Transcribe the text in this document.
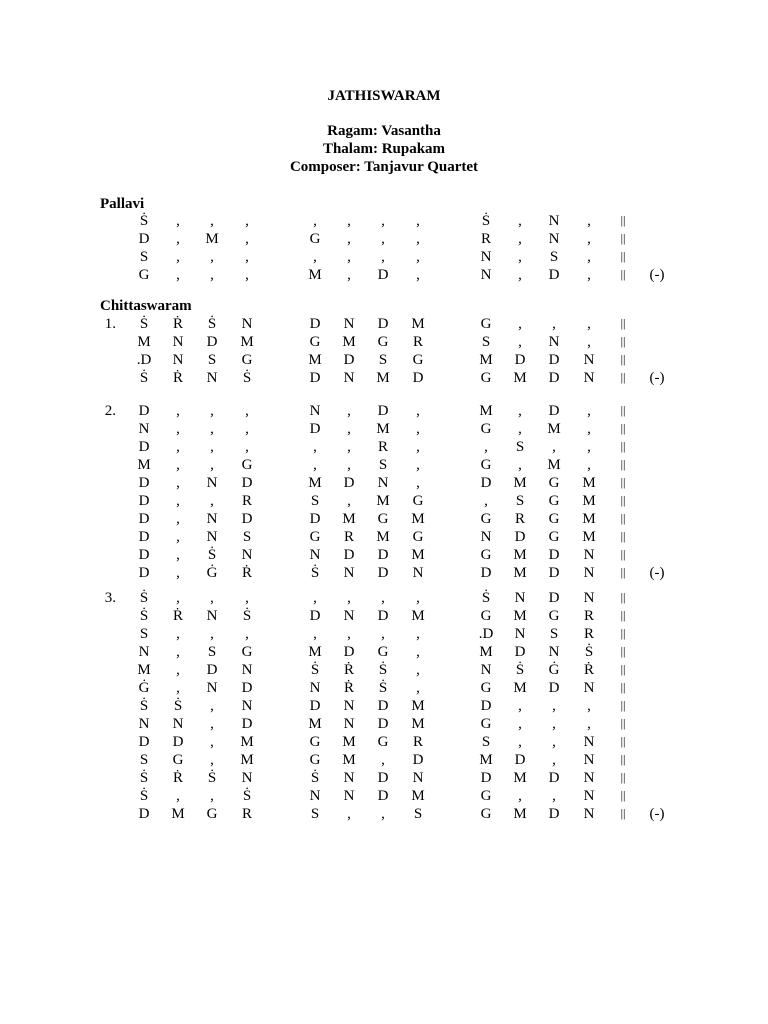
JATHISWARAM
Ragam: Vasantha
Thalam: Rupakam
Composer: Tanjavur Quartet
Pallavi
Chittaswaram
Ṡ	,	,	,	,	,	,	,	Ṡ	,	N	,	||
D	,	M	,	G	,	,	,	R	,	N	,	||
S	,	,	,	,	,	,	,	N	,	S	,	||
G	,	,	,	M	,	D	,	N	,	D	,	||	(-)
1.	Ṡ	Ṙ	Ṡ	N	D	N	D	M	G	,	,	,	||
M	N	D	M	G	M	G	R	S	,	N	,	||
.D	N	S	G	M	D	S	G	M	D	D	N	||
Ṡ	Ṙ	N	Ṡ	D	N	M	D	G	M	D	N	||	(-)
2.	D	,	,	,	N	,	D	,	M	,	D	,	||
N	,	,	,	D	,	M	,	G	,	M	,	||
D	,	,	,	,	,	R	,	,	S	,	,	||
M	,	,	G	,	,	S	,	G	,	M	,	||
D	,	N	D	M	D	N	,	D	M	G	M	||
D	,	,	R	S	,	M	G	,	S	G	M	||
D	,	N	D	D	M	G	M	G	R	G	M	||
D	,	N	S	G	R	M	G	N	D	G	M	||
D	,	Ṡ	N	N	D	D	M	G	M	D	N	||
D	,	Ġ	Ṙ	Ṡ	N	D	N	D	M	D	N	||	(-)
3.	Ṡ	,	,	,	,	,	,	,	Ṡ	N	D	N	||
Ṡ	Ṙ	N	Ṡ	D	N	D	M	G	M	G	R	||
S	,	,	,	,	,	,	,	.D	N	S	R	||
N	,	S	G	M	D	G	,	M	D	N	Ṡ	||
M	,	D	N	Ṡ	Ṙ	Ṡ	,	N	Ṡ	Ġ	Ṙ	||
Ġ	,	N	D	N	Ṙ	Ṡ	,	G	M	D	N	||
Ṡ	Ṡ	,	N	D	N	D	M	D	,	,	,	||
N	N	,	D	M	N	D	M	G	,	,	,	||
D	D	,	M	G	M	G	R	S	,	,	N	||
S	G	,	M	G	M	,	D	M	D	,	N	||
Ṡ	Ṙ	Ṡ	N	Ṡ	N	D	N	D	M	D	N	||
Ṡ	,	,	Ṡ	N	N	D	M	G	,	,	N	||
D	M	G	R	S	,	,	S	G	M	D	N	||	(-)
